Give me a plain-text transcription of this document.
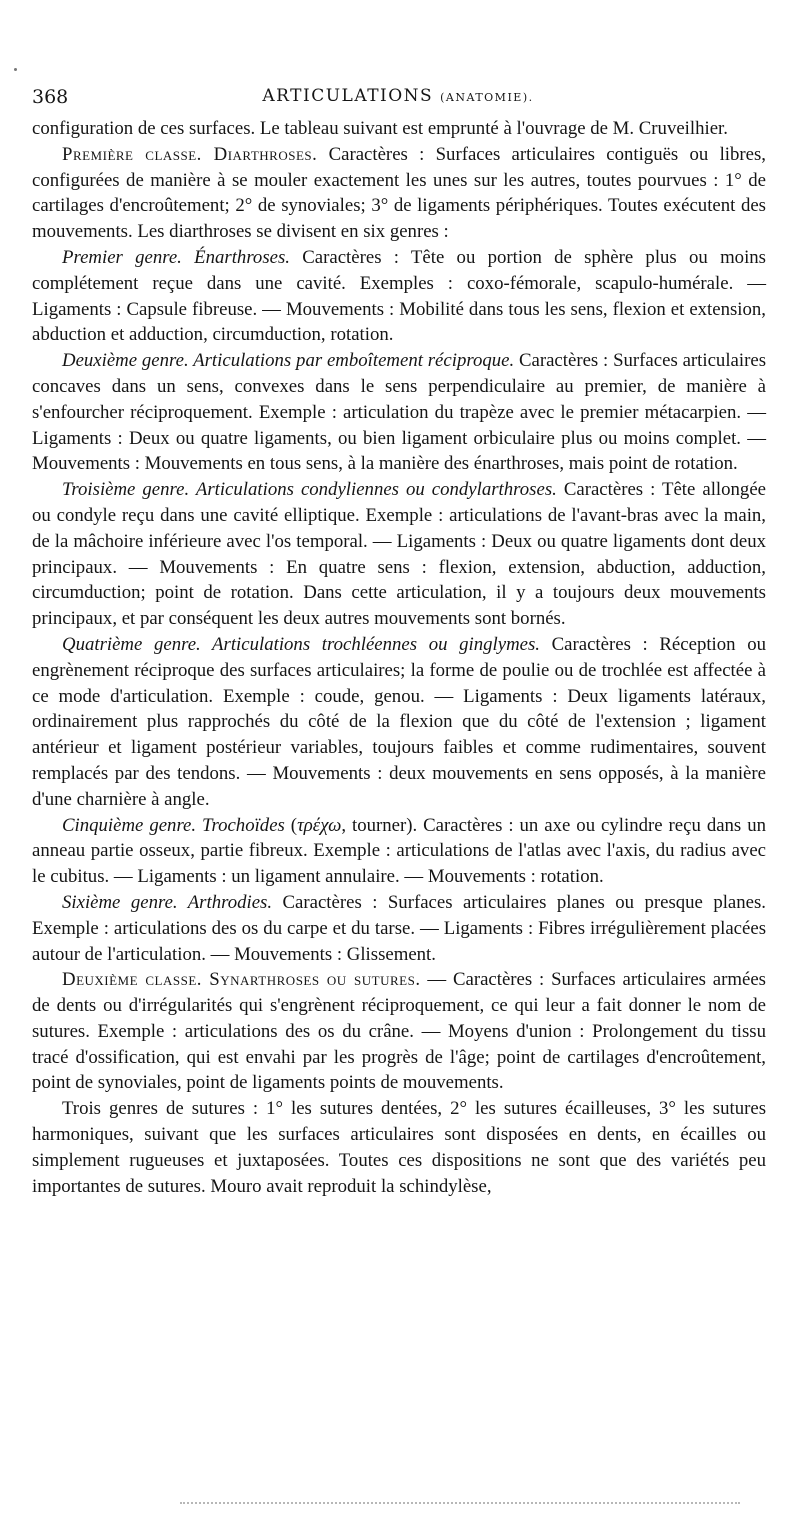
368	ARTICULATIONS (ANATOMIE).

configuration de ces surfaces. Le tableau suivant est emprunté à l'ouvrage de M. Cruveilhier.

Première classe. Diarthroses. Caractères : Surfaces articulaires contiguës ou libres, configurées de manière à se mouler exactement les unes sur les autres, toutes pourvues : 1° de cartilages d'encroûtement; 2° de synoviales; 3° de ligaments périphériques. Toutes exécutent des mouvements. Les diarthroses se divisent en six genres :

Premier genre. Énarthroses. Caractères : Tête ou portion de sphère plus ou moins complétement reçue dans une cavité. Exemples : coxo-fémorale, scapulo-humérale. — Ligaments : Capsule fibreuse. — Mouvements : Mobilité dans tous les sens, flexion et extension, abduction et adduction, circumduction, rotation.

Deuxième genre. Articulations par emboîtement réciproque. Caractères : Surfaces articulaires concaves dans un sens, convexes dans le sens perpendiculaire au premier, de manière à s'enfourcher réciproquement. Exemple : articulation du trapèze avec le premier métacarpien. — Ligaments : Deux ou quatre ligaments, ou bien ligament orbiculaire plus ou moins complet. — Mouvements : Mouvements en tous sens, à la manière des énarthroses, mais point de rotation.

Troisième genre. Articulations condyliennes ou condylarthroses. Caractères : Tête allongée ou condyle reçu dans une cavité elliptique. Exemple : articulations de l'avant-bras avec la main, de la mâchoire inférieure avec l'os temporal. — Ligaments : Deux ou quatre ligaments dont deux principaux. — Mouvements : En quatre sens : flexion, extension, abduction, adduction, circumduction; point de rotation. Dans cette articulation, il y a toujours deux mouvements principaux, et par conséquent les deux autres mouvements sont bornés.

Quatrième genre. Articulations trochléennes ou ginglymes. Caractères : Réception ou engrènement réciproque des surfaces articulaires; la forme de poulie ou de trochlée est affectée à ce mode d'articulation. Exemple : coude, genou. — Ligaments : Deux ligaments latéraux, ordinairement plus rapprochés du côté de la flexion que du côté de l'extension ; ligament antérieur et ligament postérieur variables, toujours faibles et comme rudimentaires, souvent remplacés par des tendons. — Mouvements : deux mouvements en sens opposés, à la manière d'une charnière à angle.

Cinquième genre. Trochoïdes (τρέχω, tourner). Caractères : un axe ou cylindre reçu dans un anneau partie osseux, partie fibreux. Exemple : articulations de l'atlas avec l'axis, du radius avec le cubitus. — Ligaments : un ligament annulaire. — Mouvements : rotation.

Sixième genre. Arthrodies. Caractères : Surfaces articulaires planes ou presque planes. Exemple : articulations des os du carpe et du tarse. — Ligaments : Fibres irrégulièrement placées autour de l'articulation. — Mouvements : Glissement.

Deuxième classe. Synarthroses ou sutures. — Caractères : Surfaces articulaires armées de dents ou d'irrégularités qui s'engrènent réciproquement, ce qui leur a fait donner le nom de sutures. Exemple : articulations des os du crâne. — Moyens d'union : Prolongement du tissu tracé d'ossification, qui est envahi par les progrès de l'âge; point de cartilages d'encroûtement, point de synoviales, point de ligaments points de mouvements.

Trois genres de sutures : 1° les sutures dentées, 2° les sutures écailleuses, 3° les sutures harmoniques, suivant que les surfaces articulaires sont disposées en dents, en écailles ou simplement rugueuses et juxtaposées. Toutes ces dispositions ne sont que des variétés peu importantes de sutures. Mouro avait reproduit la schindylèse,
